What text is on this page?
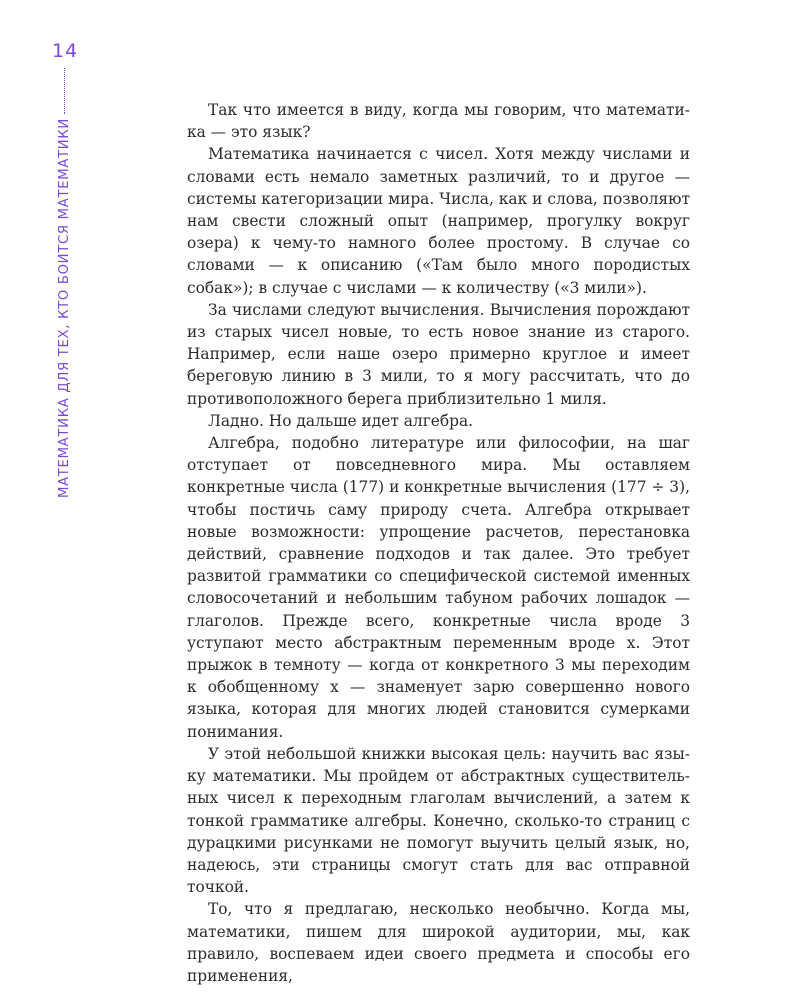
14
МАТЕМАТИКА ДЛЯ ТЕХ, КТО БОИТСЯ МАТЕМАТИКИ

Так что имеется в виду, когда мы говорим, что математика — это язык?

Математика начинается с чисел. Хотя между числами и словами есть немало заметных различий, то и другое — системы категоризации мира. Числа, как и слова, позволяют нам свести сложный опыт (например, прогулку вокруг озера) к чему-то намного более простому. В случае со словами — к описанию («Там было много породистых собак»); в случае с числами — к количеству («3 мили»).

За числами следуют вычисления. Вычисления порождают из старых чисел новые, то есть новое знание из старого. Например, если наше озеро примерно круглое и имеет береговую линию в 3 мили, то я могу рассчитать, что до противоположного берега приблизительно 1 миля.

Ладно. Но дальше идет алгебра.

Алгебра, подобно литературе или философии, на шаг отступает от повседневного мира. Мы оставляем конкретные числа (177) и конкретные вычисления (177 ÷ 3), чтобы постичь саму природу счета. Алгебра открывает новые возможности: упрощение расчетов, перестановка действий, сравнение подходов и так далее. Это требует развитой грамматики со специфической системой именных словосочетаний и небольшим табуном рабочих лошадок — глаголов. Прежде всего, конкретные числа вроде 3 уступают место абстрактным переменным вроде x. Этот прыжок в темноту — когда от конкретного 3 мы переходим к обобщенному x — знаменует зарю совершенно нового языка, которая для многих людей становится сумерками понимания.

У этой небольшой книжки высокая цель: научить вас языку математики. Мы пройдем от абстрактных существительных чисел к переходным глаголам вычислений, а затем к тонкой грамматике алгебры. Конечно, сколько-то страниц с дурацкими рисунками не помогут выучить целый язык, но, надеюсь, эти страницы смогут стать для вас отправной точкой.

То, что я предлагаю, несколько необычно. Когда мы, математики, пишем для широкой аудитории, мы, как правило, воспеваем идеи своего предмета и способы его применения,
